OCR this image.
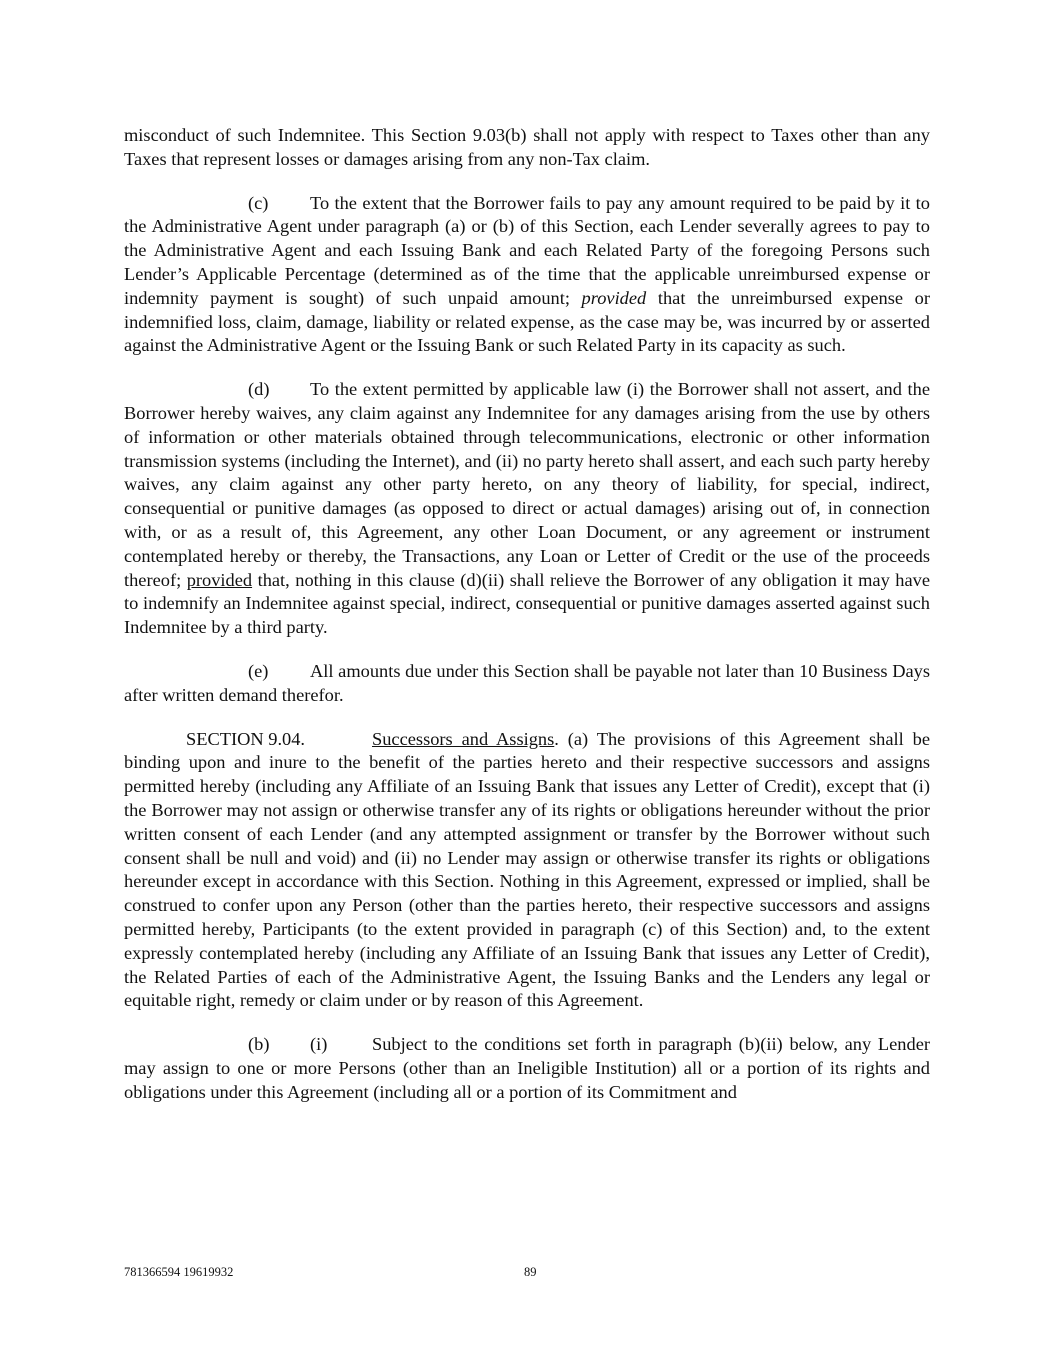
misconduct of such Indemnitee. This Section 9.03(b) shall not apply with respect to Taxes other than any Taxes that represent losses or damages arising from any non-Tax claim.

(c) To the extent that the Borrower fails to pay any amount required to be paid by it to the Administrative Agent under paragraph (a) or (b) of this Section, each Lender severally agrees to pay to the Administrative Agent and each Issuing Bank and each Related Party of the foregoing Persons such Lender’s Applicable Percentage (determined as of the time that the applicable unreimbursed expense or indemnity payment is sought) of such unpaid amount; provided that the unreimbursed expense or indemnified loss, claim, damage, liability or related expense, as the case may be, was incurred by or asserted against the Administrative Agent or the Issuing Bank or such Related Party in its capacity as such.

(d) To the extent permitted by applicable law (i) the Borrower shall not assert, and the Borrower hereby waives, any claim against any Indemnitee for any damages arising from the use by others of information or other materials obtained through telecommunications, electronic or other information transmission systems (including the Internet), and (ii) no party hereto shall assert, and each such party hereby waives, any claim against any other party hereto, on any theory of liability, for special, indirect, consequential or punitive damages (as opposed to direct or actual damages) arising out of, in connection with, or as a result of, this Agreement, any other Loan Document, or any agreement or instrument contemplated hereby or thereby, the Transactions, any Loan or Letter of Credit or the use of the proceeds thereof; provided that, nothing in this clause (d)(ii) shall relieve the Borrower of any obligation it may have to indemnify an Indemnitee against special, indirect, consequential or punitive damages asserted against such Indemnitee by a third party.

(e) All amounts due under this Section shall be payable not later than 10 Business Days after written demand therefor.

SECTION 9.04.	Successors and Assigns. (a) The provisions of this Agreement shall be binding upon and inure to the benefit of the parties hereto and their respective successors and assigns permitted hereby (including any Affiliate of an Issuing Bank that issues any Letter of Credit), except that (i) the Borrower may not assign or otherwise transfer any of its rights or obligations hereunder without the prior written consent of each Lender (and any attempted assignment or transfer by the Borrower without such consent shall be null and void) and (ii) no Lender may assign or otherwise transfer its rights or obligations hereunder except in accordance with this Section. Nothing in this Agreement, expressed or implied, shall be construed to confer upon any Person (other than the parties hereto, their respective successors and assigns permitted hereby, Participants (to the extent provided in paragraph (c) of this Section) and, to the extent expressly contemplated hereby (including any Affiliate of an Issuing Bank that issues any Letter of Credit), the Related Parties of each of the Administrative Agent, the Issuing Banks and the Lenders any legal or equitable right, remedy or claim under or by reason of this Agreement.

(b) (i) Subject to the conditions set forth in paragraph (b)(ii) below, any Lender may assign to one or more Persons (other than an Ineligible Institution) all or a portion of its rights and obligations under this Agreement (including all or a portion of its Commitment and

781366594 19619932	89
